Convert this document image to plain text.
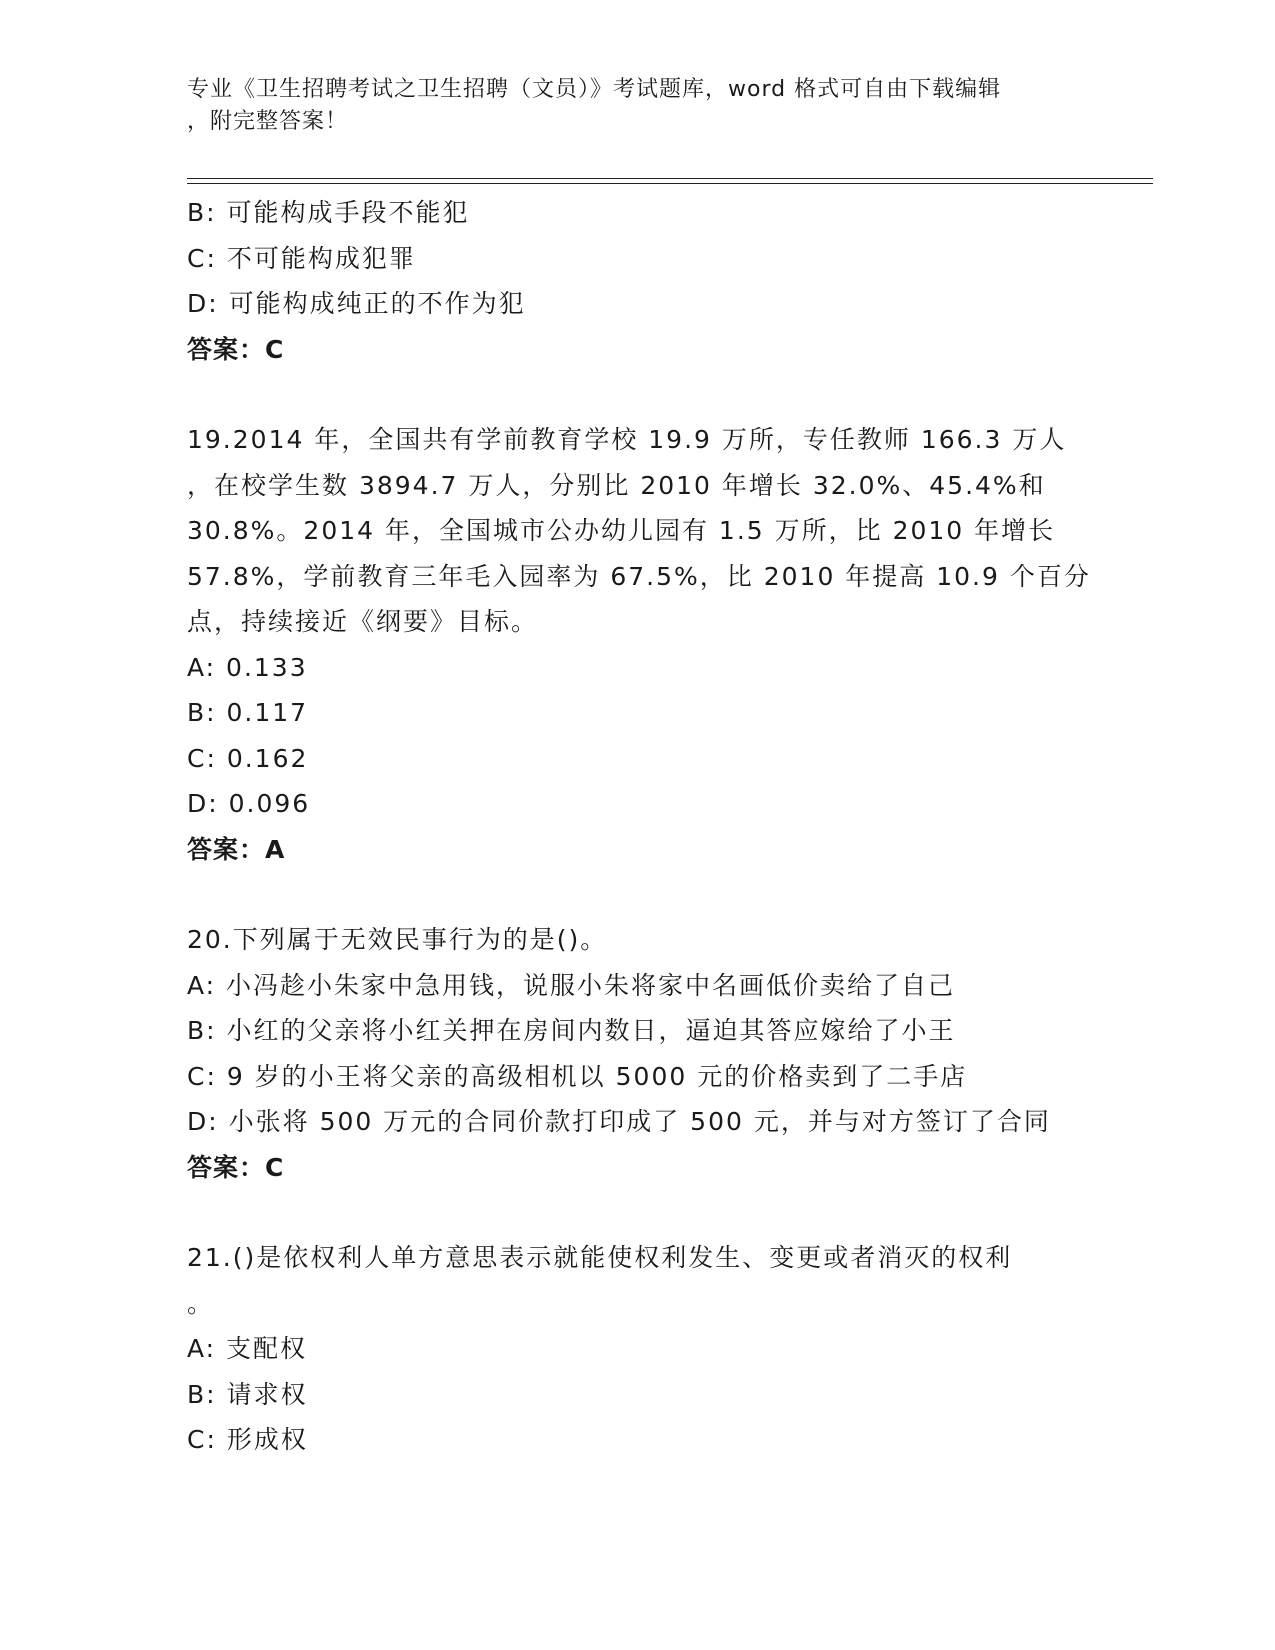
专业《卫生招聘考试之卫生招聘（文员）》考试题库，word 格式可自由下载编辑
，附完整答案！
B: 可能构成手段不能犯
C: 不可能构成犯罪
D: 可能构成纯正的不作为犯
答案：C
19.2014 年，全国共有学前教育学校 19.9 万所，专任教师 166.3 万人
，在校学生数 3894.7 万人，分别比 2010 年增长 32.0%、45.4%和
30.8%。2014 年，全国城市公办幼儿园有 1.5 万所，比 2010 年增长
57.8%，学前教育三年毛入园率为 67.5%，比 2010 年提高 10.9 个百分
点，持续接近《纲要》目标。
A: 0.133
B: 0.117
C: 0.162
D: 0.096
答案：A
20.下列属于无效民事行为的是()。
A: 小冯趁小朱家中急用钱，说服小朱将家中名画低价卖给了自己
B: 小红的父亲将小红关押在房间内数日，逼迫其答应嫁给了小王
C: 9 岁的小王将父亲的高级相机以 5000 元的价格卖到了二手店
D: 小张将 500 万元的合同价款打印成了 500 元，并与对方签订了合同
答案：C
21.()是依权利人单方意思表示就能使权利发生、变更或者消灭的权利
。
A: 支配权
B: 请求权
C: 形成权
